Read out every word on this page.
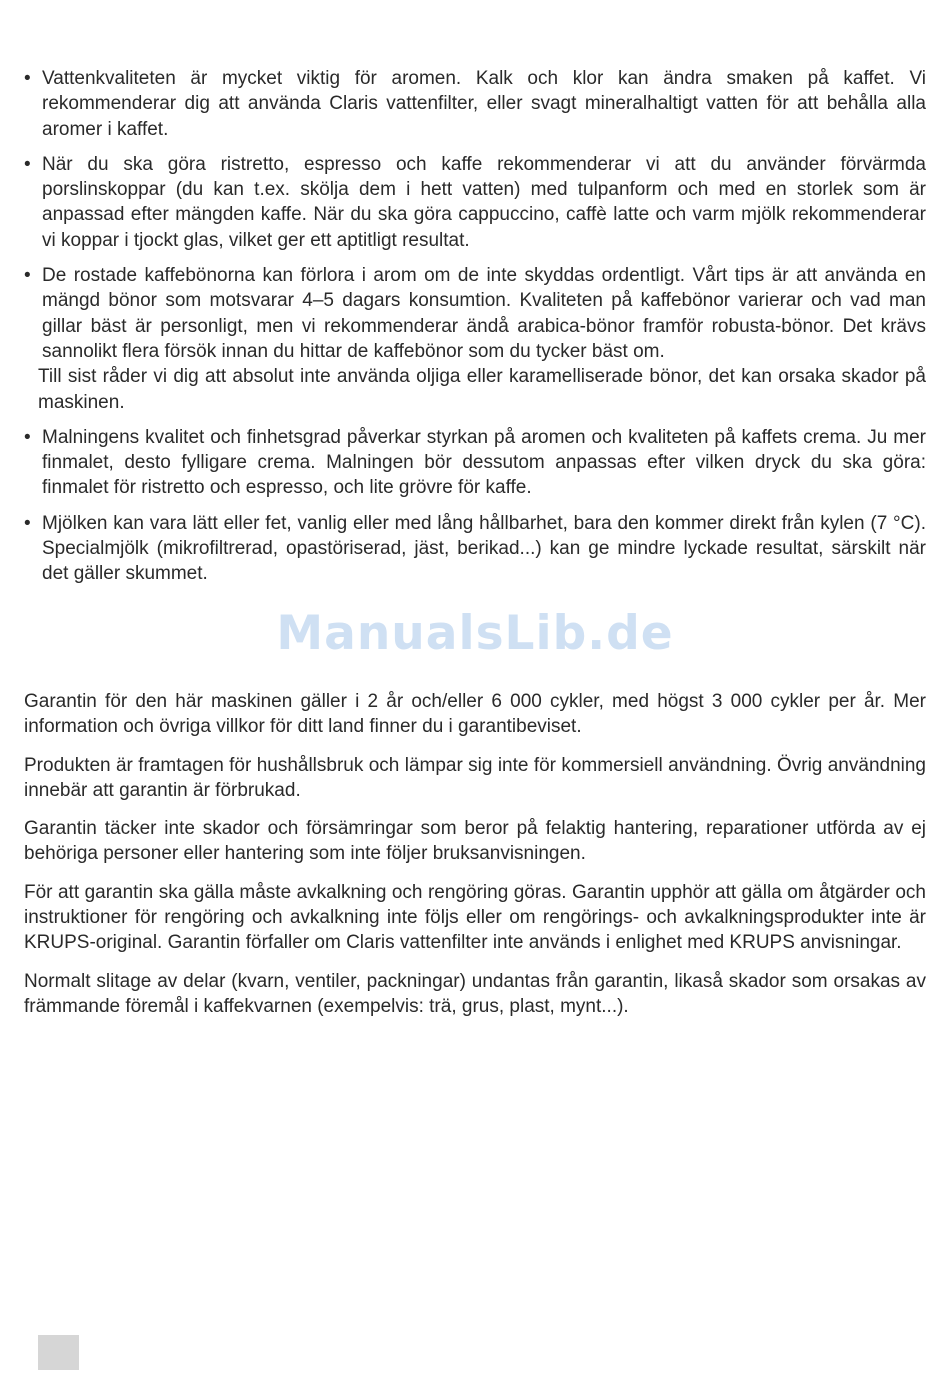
• Vattenkvaliteten är mycket viktig för aromen. Kalk och klor kan ändra smaken på kaffet. Vi rekommenderar dig att använda Claris vattenfilter, eller svagt mineralhaltigt vatten för att behålla alla aromer i kaffet.

• När du ska göra ristretto, espresso och kaffe rekommenderar vi att du använder förvärmda porslinskoppar (du kan t.ex. skölja dem i hett vatten) med tulpanform och med en storlek som är anpassad efter mängden kaffe. När du ska göra cappuccino, caffè latte och varm mjölk rekommenderar vi koppar i tjockt glas, vilket ger ett aptitligt resultat.

• De rostade kaffebönorna kan förlora i arom om de inte skyddas ordentligt. Vårt tips är att använda en mängd bönor som motsvarar 4–5 dagars konsumtion. Kvaliteten på kaffebönor varierar och vad man gillar bäst är personligt, men vi rekommenderar ändå arabica-bönor framför robusta-bönor. Det krävs sannolikt flera försök innan du hittar de kaffebönor som du tycker bäst om.

Till sist råder vi dig att absolut inte använda oljiga eller karamelliserade bönor, det kan orsaka skador på maskinen.

• Malningens kvalitet och finhetsgrad påverkar styrkan på aromen och kvaliteten på kaffets crema. Ju mer finmalet, desto fylligare crema. Malningen bör dessutom anpassas efter vilken dryck du ska göra: finmalet för ristretto och espresso, och lite grövre för kaffe.

• Mjölken kan vara lätt eller fet, vanlig eller med lång hållbarhet, bara den kommer direkt från kylen (7 °C). Specialmjölk (mikrofiltrerad, opastöriserad, jäst, berikad...) kan ge mindre lyckade resultat, särskilt när det gäller skummet.

ManualsLib.de

Garantin för den här maskinen gäller i 2 år och/eller 6 000 cykler, med högst 3 000 cykler per år. Mer information och övriga villkor för ditt land finner du i garantibeviset.

Produkten är framtagen för hushållsbruk och lämpar sig inte för kommersiell användning. Övrig användning innebär att garantin är förbrukad.

Garantin täcker inte skador och försämringar som beror på felaktig hantering, reparationer utförda av ej behöriga personer eller hantering som inte följer bruksanvisningen.

För att garantin ska gälla måste avkalkning och rengöring göras. Garantin upphör att gälla om åtgärder och instruktioner för rengöring och avkalkning inte följs eller om rengörings- och avkalkningsprodukter inte är KRUPS-original. Garantin förfaller om Claris vattenfilter inte används i enlighet med KRUPS anvisningar.

Normalt slitage av delar (kvarn, ventiler, packningar) undantas från garantin, likaså skador som orsakas av främmande föremål i kaffekvarnen (exempelvis: trä, grus, plast, mynt...).
